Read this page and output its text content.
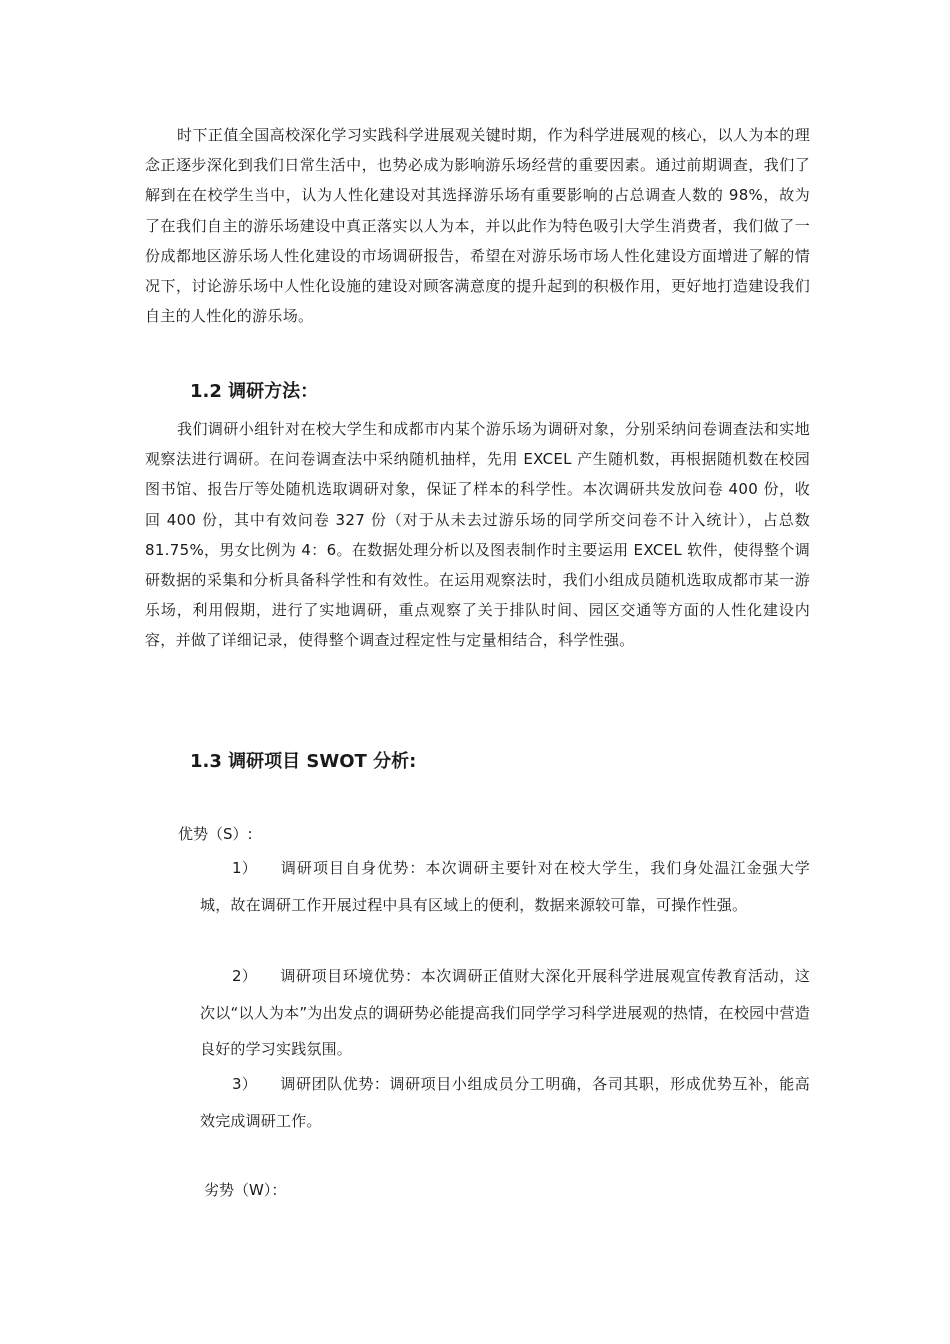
时下正值全国高校深化学习实践科学进展观关键时期，作为科学进展观的核心，以人为本的理念正逐步深化到我们日常生活中，也势必成为影响游乐场经营的重要因素。通过前期调查，我们了解到在在校学生当中，认为人性化建设对其选择游乐场有重要影响的占总调查人数的 98%，故为了在我们自主的游乐场建设中真正落实以人为本，并以此作为特色吸引大学生消费者，我们做了一份成都地区游乐场人性化建设的市场调研报告，希望在对游乐场市场人性化建设方面增进了解的情况下，讨论游乐场中人性化设施的建设对顾客满意度的提升起到的积极作用，更好地打造建设我们自主的人性化的游乐场。

1.2 调研方法：

我们调研小组针对在校大学生和成都市内某个游乐场为调研对象，分别采纳问卷调查法和实地观察法进行调研。在问卷调查法中采纳随机抽样，先用 EXCEL 产生随机数，再根据随机数在校园图书馆、报告厅等处随机选取调研对象，保证了样本的科学性。本次调研共发放问卷 400 份，收回 400 份，其中有效问卷 327 份（对于从未去过游乐场的同学所交问卷不计入统计），占总数 81.75%，男女比例为 4：6。在数据处理分析以及图表制作时主要运用 EXCEL 软件，使得整个调研数据的采集和分析具备科学性和有效性。在运用观察法时，我们小组成员随机选取成都市某一游乐场，利用假期，进行了实地调研，重点观察了关于排队时间、园区交通等方面的人性化建设内容，并做了详细记录，使得整个调查过程定性与定量相结合，科学性强。

1.3 调研项目 SWOT 分析:
优势（S）:
1） 调研项目自身优势：本次调研主要针对在校大学生，我们身处温江金强大学城，故在调研工作开展过程中具有区域上的便利，数据来源较可靠，可操作性强。
2） 调研项目环境优势：本次调研正值财大深化开展科学进展观宣传教育活动，这次以“以人为本”为出发点的调研势必能提高我们同学学习科学进展观的热情，在校园中营造良好的学习实践氛围。
3） 调研团队优势：调研项目小组成员分工明确，各司其职，形成优势互补，能高效完成调研工作。
劣势（W）：
